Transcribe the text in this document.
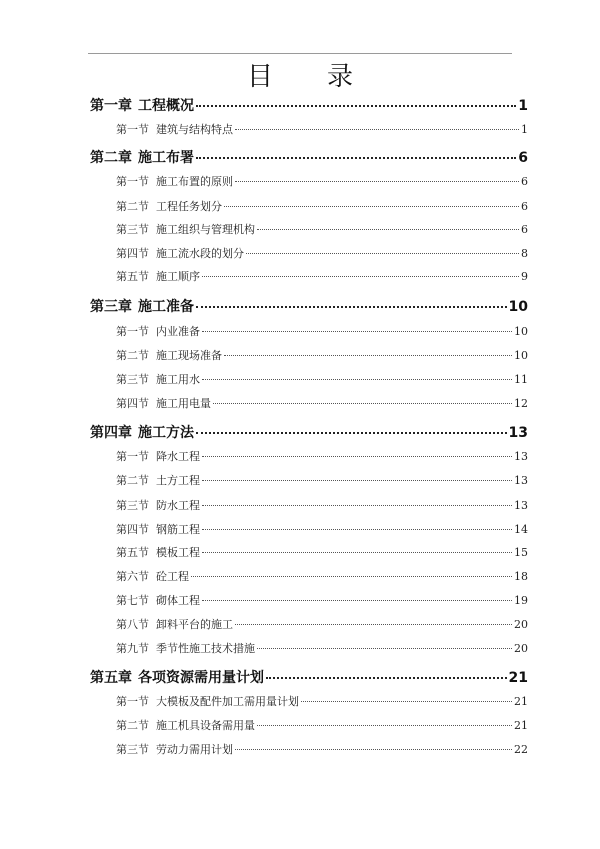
目 录
第一章 工程概况	1
第一节 建筑与结构特点	1
第二章 施工布署	6
第一节 施工布置的原则	6
第二节 工程任务划分	6
第三节 施工组织与管理机构	6
第四节 施工流水段的划分	8
第五节 施工顺序	9
第三章 施工准备	10
第一节 内业准备	10
第二节 施工现场准备	10
第三节 施工用水	11
第四节 施工用电量	12
第四章 施工方法	13
第一节 降水工程	13
第二节 土方工程	13
第三节 防水工程	13
第四节 钢筋工程	14
第五节 模板工程	15
第六节 砼工程	18
第七节 砌体工程	19
第八节 卸料平台的施工	20
第九节 季节性施工技术措施	20
第五章 各项资源需用量计划	21
第一节 大模板及配件加工需用量计划	21
第二节 施工机具设备需用量	21
第三节 劳动力需用计划	22
